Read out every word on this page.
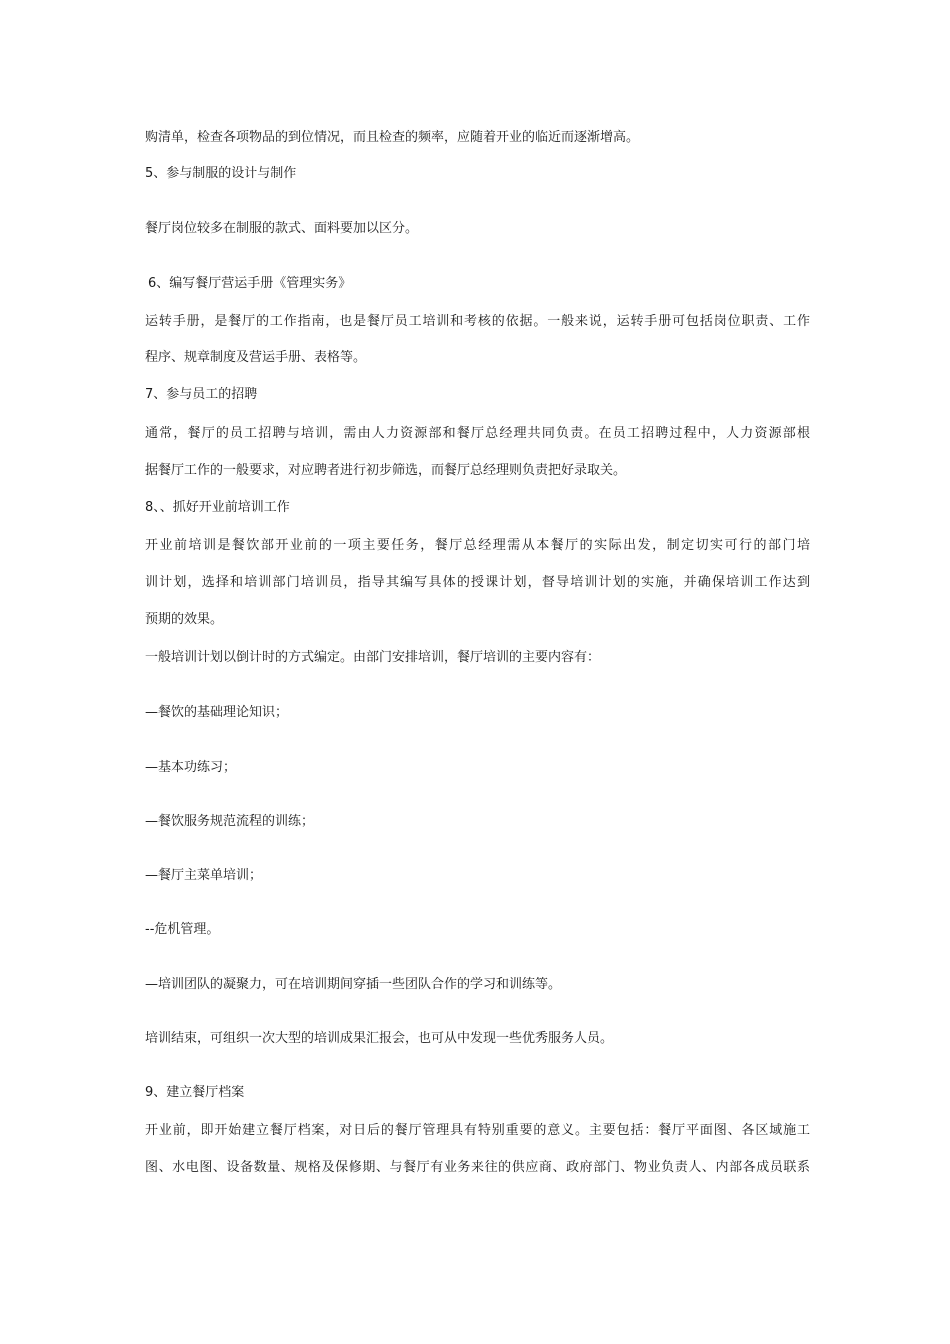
购清单，检查各项物品的到位情况，而且检查的频率，应随着开业的临近而逐渐增高。
5、参与制服的设计与制作
餐厅岗位较多在制服的款式、面料要加以区分。
6、编写餐厅营运手册《管理实务》
运转手册，是餐厅的工作指南，也是餐厅员工培训和考核的依据。一般来说，运转手册可包括岗位职责、工作
程序、规章制度及营运手册、表格等。
7、参与员工的招聘
通常，餐厅的员工招聘与培训，需由人力资源部和餐厅总经理共同负责。在员工招聘过程中，人力资源部根
据餐厅工作的一般要求，对应聘者进行初步筛选，而餐厅总经理则负责把好录取关。
8、、抓好开业前培训工作
开业前培训是餐饮部开业前的一项主要任务，餐厅总经理需从本餐厅的实际出发，制定切实可行的部门培
训计划，选择和培训部门培训员，指导其编写具体的授课计划，督导培训计划的实施，并确保培训工作达到
预期的效果。
一般培训计划以倒计时的方式编定。由部门安排培训，餐厅培训的主要内容有：
—餐饮的基础理论知识；
—基本功练习；
—餐饮服务规范流程的训练；
—餐厅主菜单培训；
--危机管理。
—培训团队的凝聚力，可在培训期间穿插一些团队合作的学习和训练等。
培训结束，可组织一次大型的培训成果汇报会，也可从中发现一些优秀服务人员。
9、建立餐厅档案
开业前，即开始建立餐厅档案，对日后的餐厅管理具有特别重要的意义。主要包括：餐厅平面图、各区域施工
图、水电图、设备数量、规格及保修期、与餐厅有业务来往的供应商、政府部门、物业负责人、内部各成员联系
